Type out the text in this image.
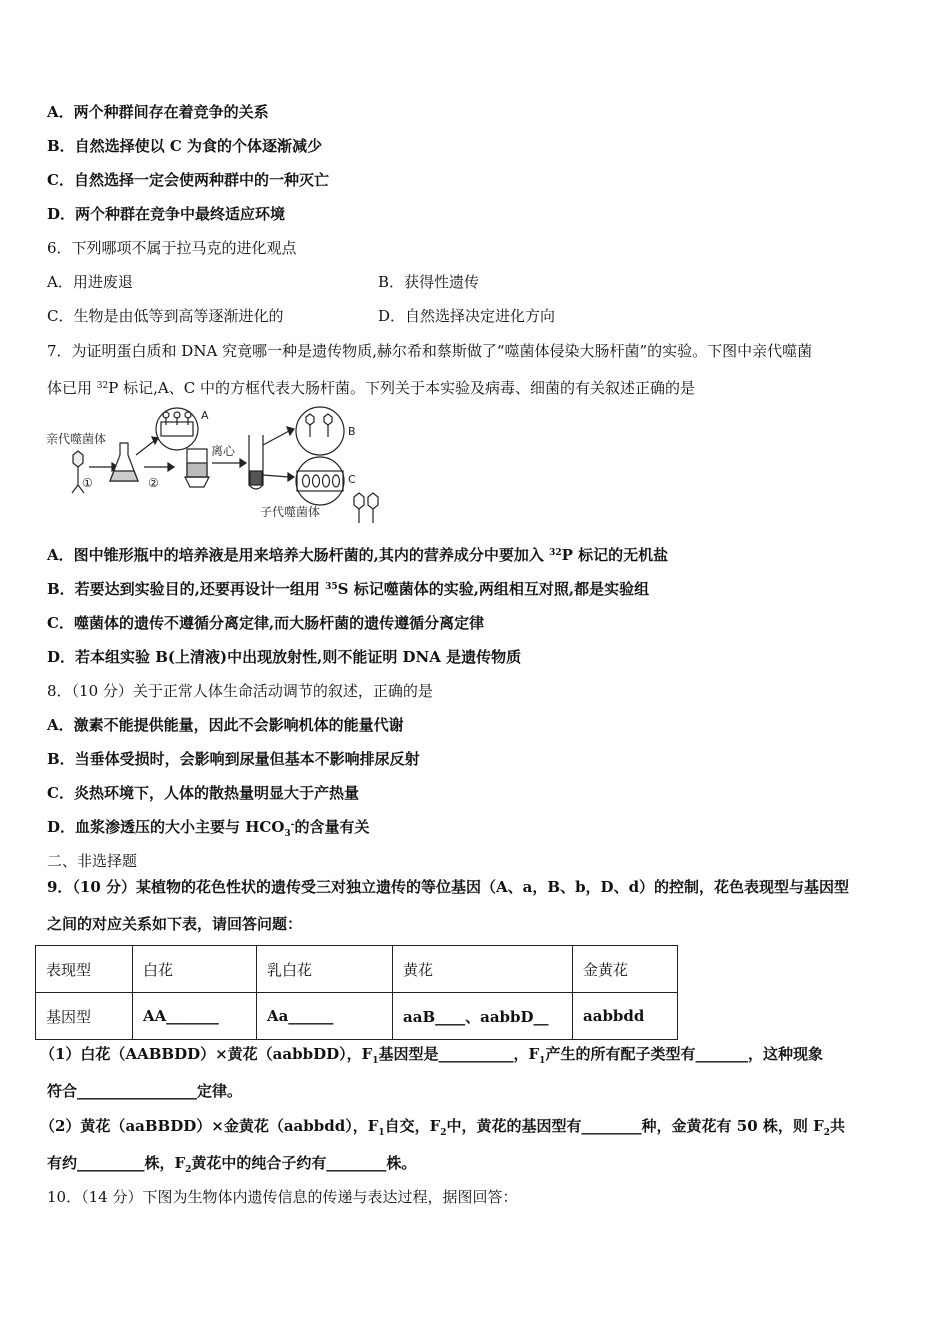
A．两个种群间存在着竞争的关系
B．自然选择使以 C 为食的个体逐渐减少
C．自然选择一定会使两种群中的一种灭亡
D．两个种群在竞争中最终适应环境
6．下列哪项不属于拉马克的进化观点
A．用进废退	B．获得性遗传
C．生物是由低等到高等逐渐进化的	D．自然选择决定进化方向
7．为证明蛋白质和 DNA 究竟哪一种是遗传物质,赫尔希和蔡斯做了“噬菌体侵染大肠杆菌”的实验。下图中亲代噬菌
体已用 $^{32}$P 标记,A、C 中的方框代表大肠杆菌。下列关于本实验及病毒、细菌的有关叙述正确的是
亲代噬菌体
①	②
A
离心
B
C
子代噬菌体
A．图中锥形瓶中的培养液是用来培养大肠杆菌的,其内的营养成分中要加入 $^{32}$P 标记的无机盐
B．若要达到实验目的,还要再设计一组用 $^{35}$S 标记噬菌体的实验,两组相互对照,都是实验组
C．噬菌体的遗传不遵循分离定律,而大肠杆菌的遗传遵循分离定律
D．若本组实验 B(上清液)中出现放射性,则不能证明 DNA 是遗传物质
8．（10 分）关于正常人体生命活动调节的叙述，正确的是
A．激素不能提供能量，因此不会影响机体的能量代谢
B．当垂体受损时，会影响到尿量但基本不影响排尿反射
C．炎热环境下，人体的散热量明显大于产热量
D．血浆渗透压的大小主要与 $HCO_3^-$的含量有关
二、非选择题
9．（10 分）某植物的花色性状的遗传受三对独立遗传的等位基因（A、a，B、b，D、d）的控制，花色表现型与基因型
之间的对应关系如下表，请回答问题：
表现型	白花	乳白花	黄花	金黄花
基因型	AA_______	Aa______	aaB____、aabbD__	aabbdd
（1）白花（AABBDD）×黄花（aabbDD），$F_1$基因型是__________，$F_1$产生的所有配子类型有_______，这种现象
符合________________定律。
（2）黄花（aaBBDD）×金黄花（aabbdd），$F_1$自交，$F_2$中，黄花的基因型有________种，金黄花有 50 株，则 $F_2$共
有约_________株，$F_2$黄花中的纯合子约有________株。
10．（14 分）下图为生物体内遗传信息的传递与表达过程，据图回答：
